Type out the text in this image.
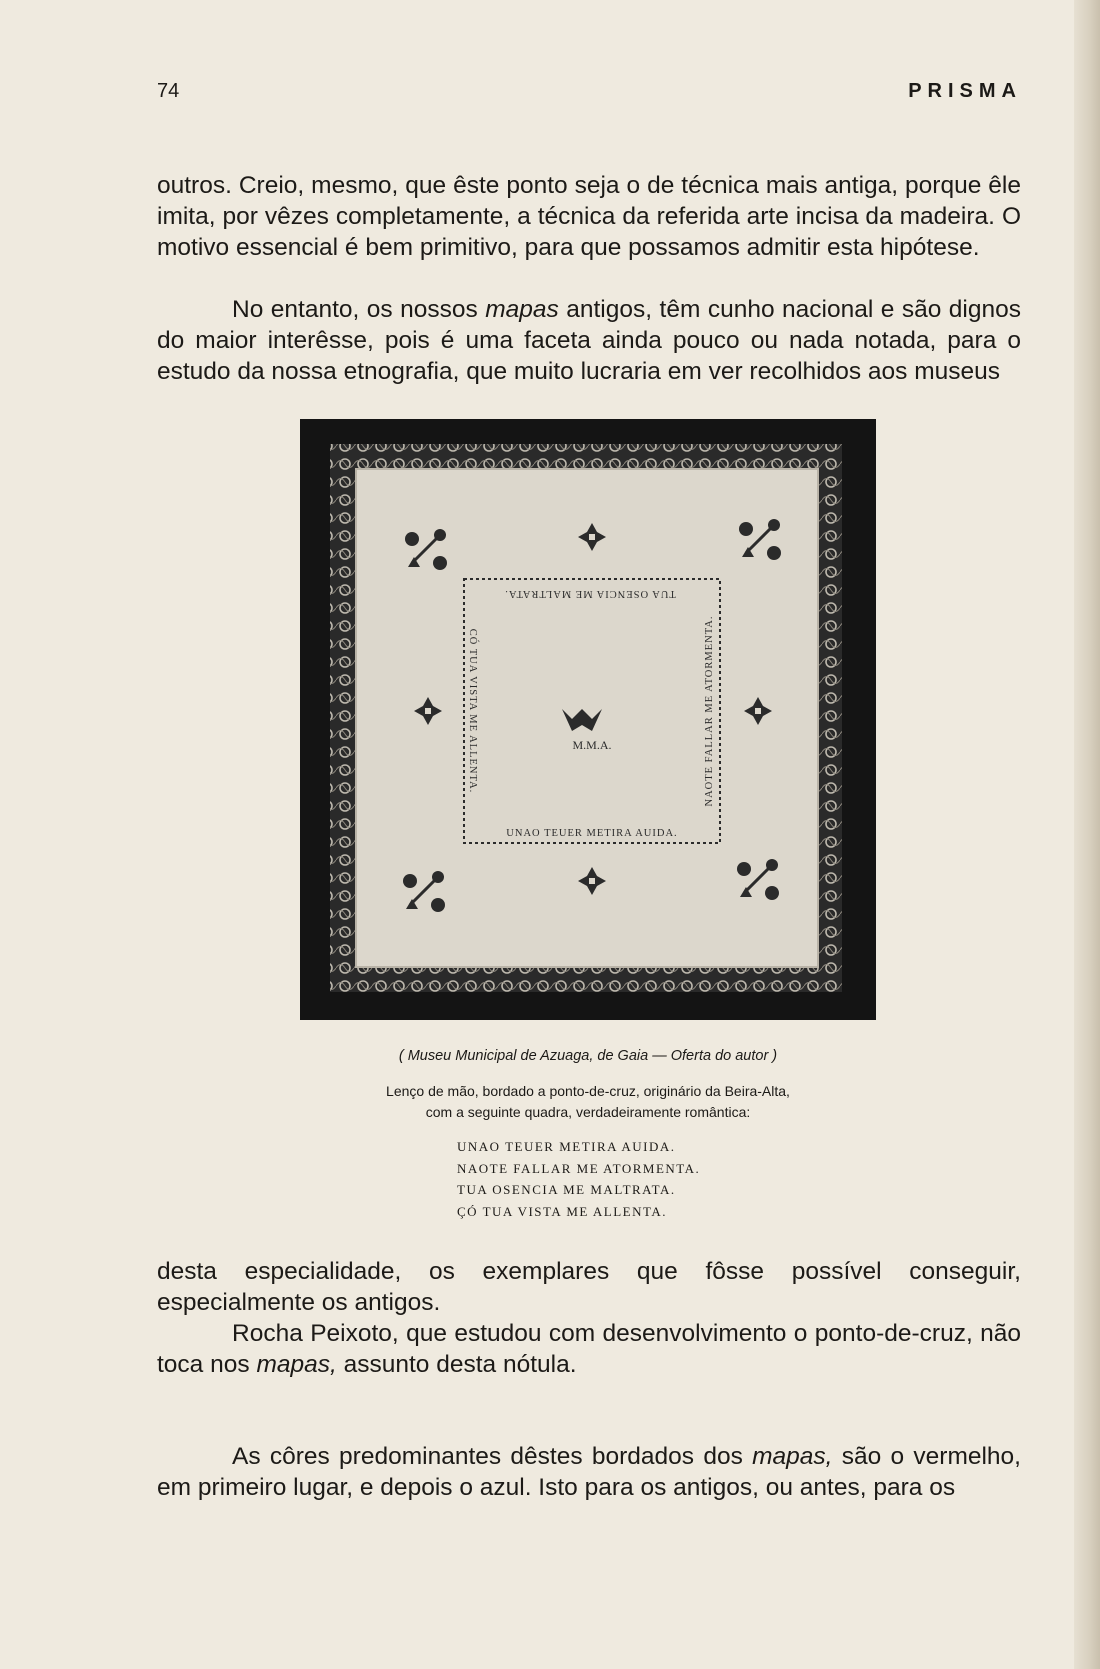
74	PRISMA

outros. Creio, mesmo, que êste ponto seja o de técnica mais antiga, porque êle imita, por vêzes completamente, a técnica da referida arte incisa da madeira. O motivo essencial é bem primitivo, para que possamos admitir esta hipótese.

No entanto, os nossos mapas antigos, têm cunho nacional e são dignos do maior interêsse, pois é uma faceta ainda pouco ou nada notada, para o estudo da nossa etnografia, que muito lucraria em ver recolhidos aos museus

M.M.A.
TUA OSENCIA ME MALTRATA.
NAOTE FALLAR ME ATORMENTA.
UNAO TEUER METIRA AUIDA.
CÓ TUA VISTA ME ALLENTA.
( Museu Municipal de Azuaga, de Gaia — Oferta do autor )
Lenço de mão, bordado a ponto-de-cruz, originário da Beira-Alta,
com a seguinte quadra, verdadeiramente romântica:
UNAO TEUER METIRA AUIDA.
NAOTE FALLAR ME ATORMENTA.
TUA OSENCIA ME MALTRATA.
ÇÓ TUA VISTA ME ALLENTA.

desta especialidade, os exemplares que fôsse possível conseguir, especialmente os antigos.

Rocha Peixoto, que estudou com desenvolvimento o ponto-de-cruz, não toca nos mapas, assunto desta nótula.

As côres predominantes dêstes bordados dos mapas, são o vermelho, em primeiro lugar, e depois o azul. Isto para os antigos, ou antes, para os
